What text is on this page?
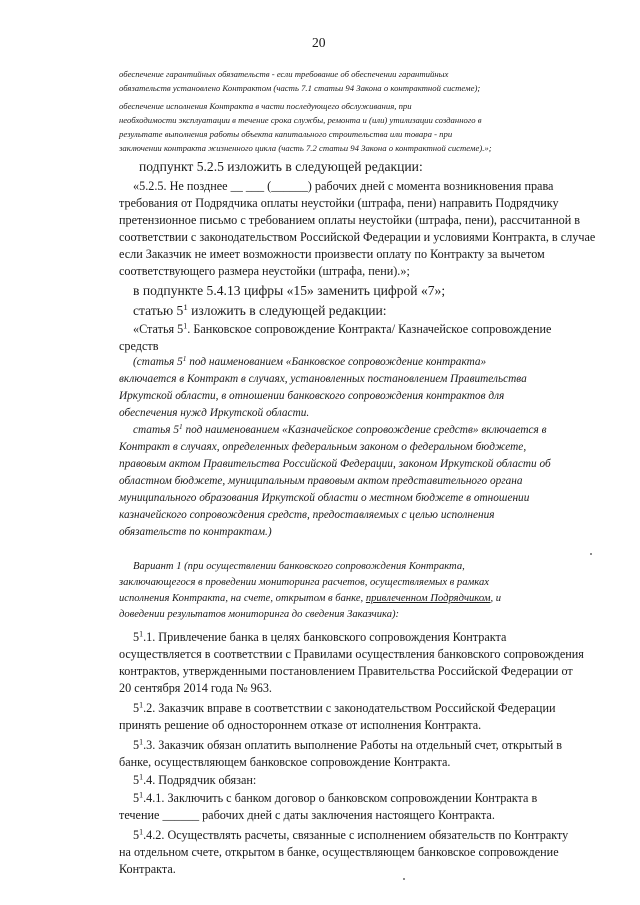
20
обеспечение гарантийных обязательств - если требование об обеспечении гарантийных
обязательств установлено Контрактом (часть 7.1 статьи 94 Закона о контрактной системе);
обеспечение исполнения Контракта в части последующего обслуживания, при
необходимости эксплуатации в течение срока службы, ремонта и (или) утилизации созданного в
результате выполнения работы объекта капитального строительства или товара - при
заключении контракта жизненного цикла (часть 7.2 статьи 94 Закона о контрактной системе).»;
подпункт 5.2.5 изложить в следующей редакции:
«5.2.5. Не позднее __ ___ (______) рабочих дней с момента возникновения права
требования от Подрядчика оплаты неустойки (штрафа, пени) направить Подрядчику
претензионное письмо с требованием оплаты неустойки (штрафа, пени), рассчитанной в
соответствии с законодательством Российской Федерации и условиями Контракта, в случае
если Заказчик не имеет возможности произвести оплату по Контракту за вычетом
соответствующего размера неустойки (штрафа, пени).»;
в подпункте 5.4.13 цифры «15» заменить цифрой «7»;
статью $5^1$ изложить в следующей редакции:
«Статья $5^1$. Банковское сопровождение Контракта/ Казначейское сопровождение
средств
(статья $5^1$ под наименованием «Банковское сопровождение контракта»
включается в Контракт в случаях, установленных постановлением Правительства
Иркутской области, в отношении банковского сопровождения контрактов для
обеспечения нужд Иркутской области.
статья $5^1$ под наименованием «Казначейское сопровождение средств» включается в
Контракт в случаях, определенных федеральным законом о федеральном бюджете,
правовым актом Правительства Российской Федерации, законом Иркутской области об
областном бюджете, муниципальным правовым актом представительного органа
муниципального образования Иркутской области о местном бюджете в отношении
казначейского сопровождения средств, предоставляемых с целью исполнения
обязательств по контрактам.)
Вариант 1 (при осуществлении банковского сопровождения Контракта,
заключающегося в проведении мониторинга расчетов, осуществляемых в рамках
исполнения Контракта, на счете, открытом в банке, привлеченном Подрядчиком, и
доведении результатов мониторинга до сведения Заказчика):
$5^1.1$. Привлечение банка в целях банковского сопровождения Контракта
осуществляется в соответствии с Правилами осуществления банковского сопровождения
контрактов, утвержденными постановлением Правительства Российской Федерации от
20 сентября 2014 года № 963.
$5^1.2$. Заказчик вправе в соответствии с законодательством Российской Федерации
принять решение об одностороннем отказе от исполнения Контракта.
$5^1.3$. Заказчик обязан оплатить выполнение Работы на отдельный счет, открытый в
банке, осуществляющем банковское сопровождение Контракта.
$5^1.4$. Подрядчик обязан:
$5^1.4.1$. Заключить с банком договор о банковском сопровождении Контракта в
течение ______ рабочих дней с даты заключения настоящего Контракта.
$5^1.4.2$. Осуществлять расчеты, связанные с исполнением обязательств по Контракту
на отдельном счете, открытом в банке, осуществляющем банковское сопровождение
Контракта.
